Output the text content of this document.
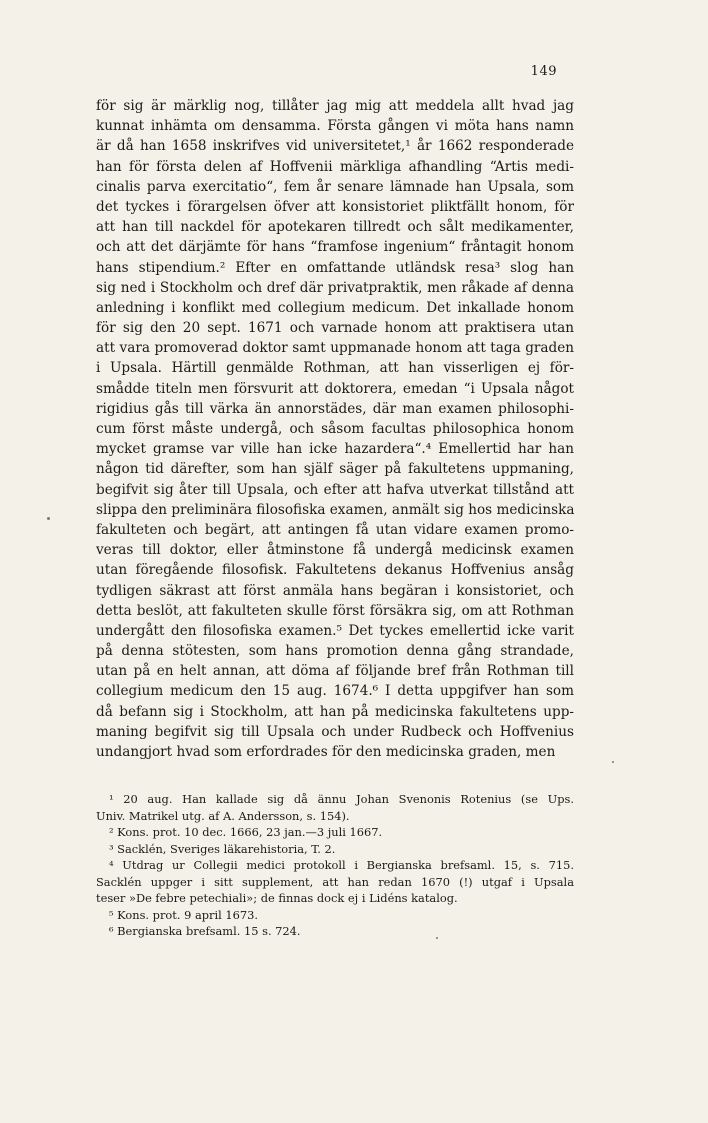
149
för sig är märklig nog, tillåter jag mig att meddela allt hvad jag
kunnat inhämta om densamma. Första gången vi möta hans namn
är då han 1658 inskrifves vid universitetet,¹ år 1662 responderade
han för första delen af Hoffvenii märkliga afhandling “Artis medi-
cinalis parva exercitatio“, fem år senare lämnade han Upsala, som
det tyckes i förargelsen öfver att konsistoriet pliktfällt honom, för
att han till nackdel för apotekaren tillredt och sålt medikamenter,
och att det därjämte för hans “framfose ingenium“ fråntagit honom
hans stipendium.² Efter en omfattande utländsk resa³ slog han
sig ned i Stockholm och dref där privatpraktik, men råkade af denna
anledning i konflikt med collegium medicum. Det inkallade honom
för sig den 20 sept. 1671 och varnade honom att praktisera utan
att vara promoverad doktor samt uppmanade honom att taga graden
i Upsala. Härtill genmälde Rothman, att han visserligen ej för-
smådde titeln men försvurit att doktorera, emedan “i Upsala något
rigidius gås till värka än annorstädes, där man examen philosophi-
cum först måste undergå, och såsom facultas philosophica honom
mycket gramse var ville han icke hazardera“.⁴ Emellertid har han
någon tid därefter, som han själf säger på fakultetens uppmaning,
begifvit sig åter till Upsala, och efter att hafva utverkat tillstånd att
slippa den preliminära filosofiska examen, anmält sig hos medicinska
fakulteten och begärt, att antingen få utan vidare examen promo-
veras till doktor, eller åtminstone få undergå medicinsk examen
utan föregående filosofisk. Fakultetens dekanus Hoffvenius ansåg
tydligen säkrast att först anmäla hans begäran i konsistoriet, och
detta beslöt, att fakulteten skulle först försäkra sig, om att Rothman
undergått den filosofiska examen.⁵ Det tyckes emellertid icke varit
på denna stötesten, som hans promotion denna gång strandade,
utan på en helt annan, att döma af följande bref från Rothman till
collegium medicum den 15 aug. 1674.⁶ I detta uppgifver han som
då befann sig i Stockholm, att han på medicinska fakultetens upp-
maning begifvit sig till Upsala och under Rudbeck och Hoffvenius
undangjort hvad som erfordrades för den medicinska graden, men
¹ 20 aug. Han kallade sig då ännu Johan Svenonis Rotenius (se Ups.
Univ. Matrikel utg. af A. Andersson, s. 154).
² Kons. prot. 10 dec. 1666, 23 jan.—3 juli 1667.
³ Sacklén, Sveriges läkarehistoria, T. 2.
⁴ Utdrag ur Collegii medici protokoll i Bergianska brefsaml. 15, s. 715.
Sacklén uppger i sitt supplement, att han redan 1670 (!) utgaf i Upsala
teser »De febre petechiali»; de finnas dock ej i Lidéns katalog.
⁵ Kons. prot. 9 april 1673.
⁶ Bergianska brefsaml. 15 s. 724.
